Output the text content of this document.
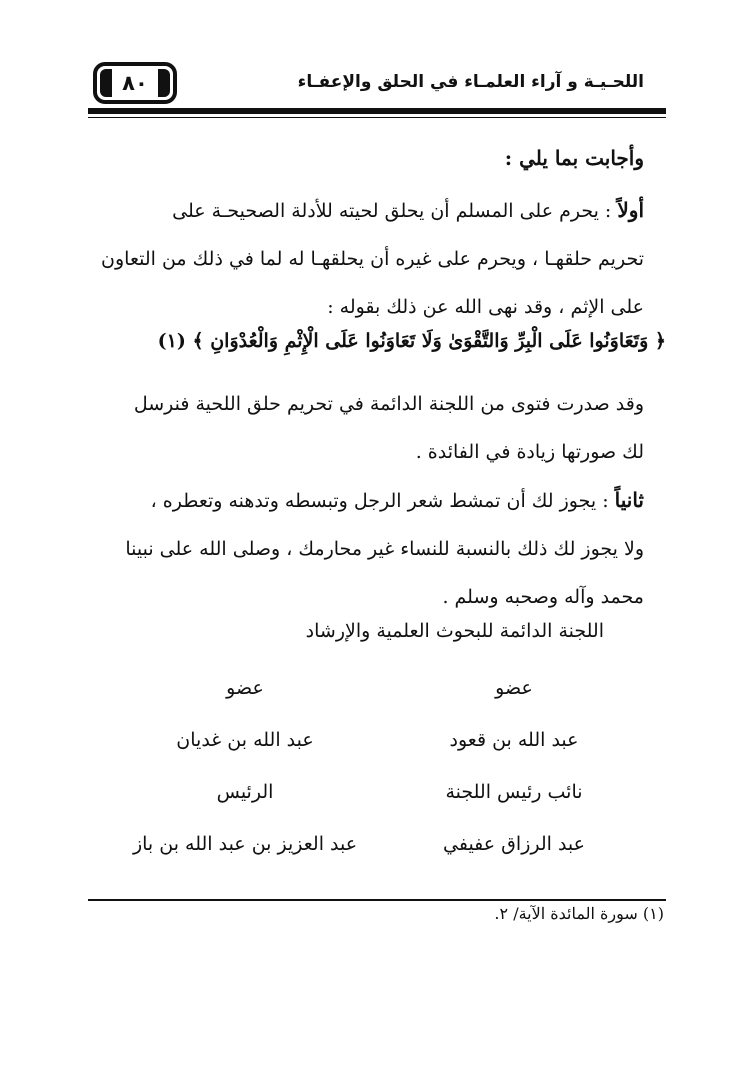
اللحـيـة و آراء العلمـاء في الحلق والإعفـاء
٨٠
وأجابت بما يلي :
أولاً : يحرم على المسلم أن يحلق لحيته للأدلة الصحيحـة على
تحريم حلقهـا ، ويحرم على غيره أن يحلقهـا له لما في ذلك من التعاون
على الإثم ، وقد نهى الله عن ذلك بقوله :
﴿ وَتَعَاوَنُوا عَلَى الْبِرِّ وَالتَّقْوَىٰ وَلَا تَعَاوَنُوا عَلَى الْإِثْمِ وَالْعُدْوَانِ ﴾ (١)
وقد صدرت فتوى من اللجنة الدائمة في تحريم حلق اللحية فنرسل
لك صورتها زيادة في الفائدة .
ثانياً : يجوز لك أن تمشط شعر الرجل وتبسطه وتدهنه وتعطره ،
ولا يجوز لك ذلك بالنسبة للنساء غير محارمك ، وصلى الله على نبينا
محمد وآله وصحبه وسلم .
اللجنة الدائمة للبحوث العلمية والإرشاد
عضو
عبد الله بن قعود
نائب رئيس اللجنة
عبد الرزاق عفيفي
عضو
عبد الله بن غديان
الرئيس
عبد العزيز بن عبد الله بن باز
(١) سورة المائدة الآية/ ٢.
